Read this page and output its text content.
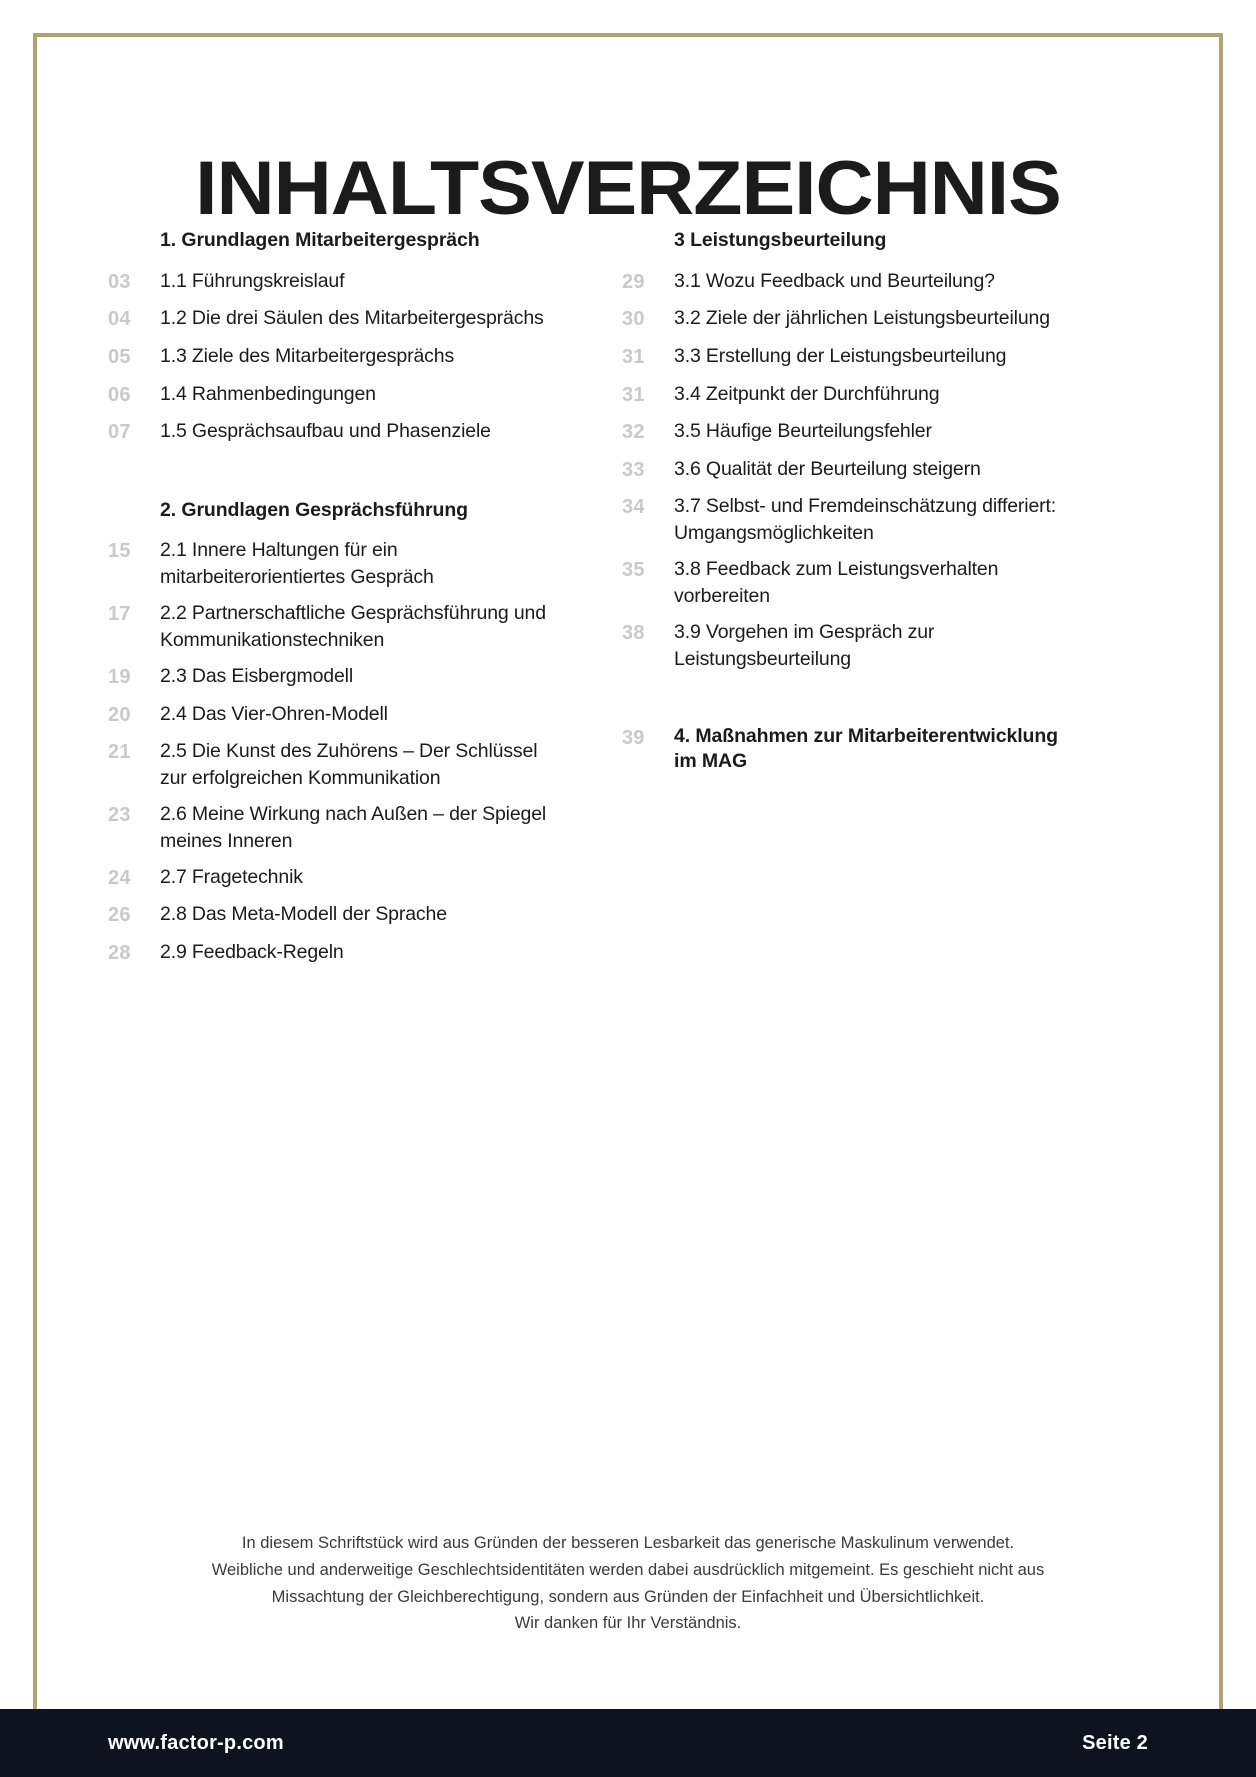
INHALTSVERZEICHNIS
1. Grundlagen Mitarbeitergespräch
03	1.1 Führungskreislauf
04	1.2 Die drei Säulen des Mitarbeitergesprächs
05	1.3 Ziele des Mitarbeitergesprächs
06	1.4 Rahmenbedingungen
07	1.5 Gesprächsaufbau und Phasenziele
2. Grundlagen Gesprächsführung
15	2.1 Innere Haltungen für ein mitarbeiterorientiertes Gespräch
17	2.2 Partnerschaftliche Gesprächsführung und Kommunikationstechniken
19	2.3 Das Eisbergmodell
20	2.4 Das Vier-Ohren-Modell
21	2.5 Die Kunst des Zuhörens – Der Schlüssel zur erfolgreichen Kommunikation
23	2.6 Meine Wirkung nach Außen – der Spiegel meines Inneren
24	2.7 Fragetechnik
26	2.8 Das Meta-Modell der Sprache
28	2.9 Feedback-Regeln
3 Leistungsbeurteilung
29	3.1 Wozu Feedback und Beurteilung?
30	3.2 Ziele der jährlichen Leistungsbeurteilung
31	3.3 Erstellung der Leistungsbeurteilung
31	3.4 Zeitpunkt der Durchführung
32	3.5 Häufige Beurteilungsfehler
33	3.6 Qualität der Beurteilung steigern
34	3.7 Selbst- und Fremdeinschätzung differiert: Umgangsmöglichkeiten
35	3.8 Feedback zum Leistungsverhalten vorbereiten
38	3.9 Vorgehen im Gespräch zur Leistungsbeurteilung
39	4. Maßnahmen zur Mitarbeiterentwicklung im MAG

In diesem Schriftstück wird aus Gründen der besseren Lesbarkeit das generische Maskulinum verwendet.

Weibliche und anderweitige Geschlechtsidentitäten werden dabei ausdrücklich mitgemeint. Es geschieht nicht aus

Missachtung der Gleichberechtigung, sondern aus Gründen der Einfachheit und Übersichtlichkeit.

Wir danken für Ihr Verständnis.

www.factor-p.com	Seite 2
